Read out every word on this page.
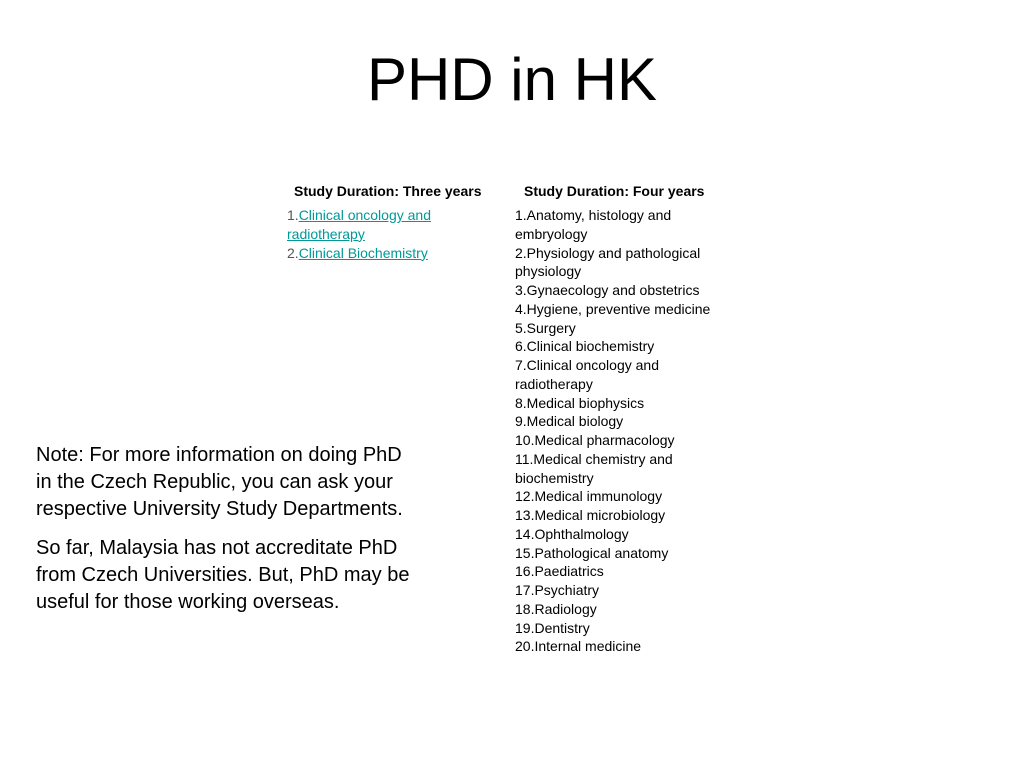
PHD in HK
Study Duration: Three years	Study Duration: Four years
1.Clinical oncology and radiotherapy
2.Clinical Biochemistry
1.Anatomy, histology and embryology
2.Physiology and pathological physiology
3.Gynaecology and obstetrics
4.Hygiene, preventive medicine
5.Surgery
6.Clinical biochemistry
7.Clinical oncology and radiotherapy
8.Medical biophysics
9.Medical biology
10.Medical pharmacology
11.Medical chemistry and biochemistry
12.Medical immunology
13.Medical microbiology
14.Ophthalmology
15.Pathological anatomy
16.Paediatrics
17.Psychiatry
18.Radiology
19.Dentistry
20.Internal medicine

Note: For more information on doing PhD in the Czech Republic, you can ask your respective University Study Departments.

So far, Malaysia has not accreditate PhD from Czech Universities. But, PhD may be useful for those working overseas.
